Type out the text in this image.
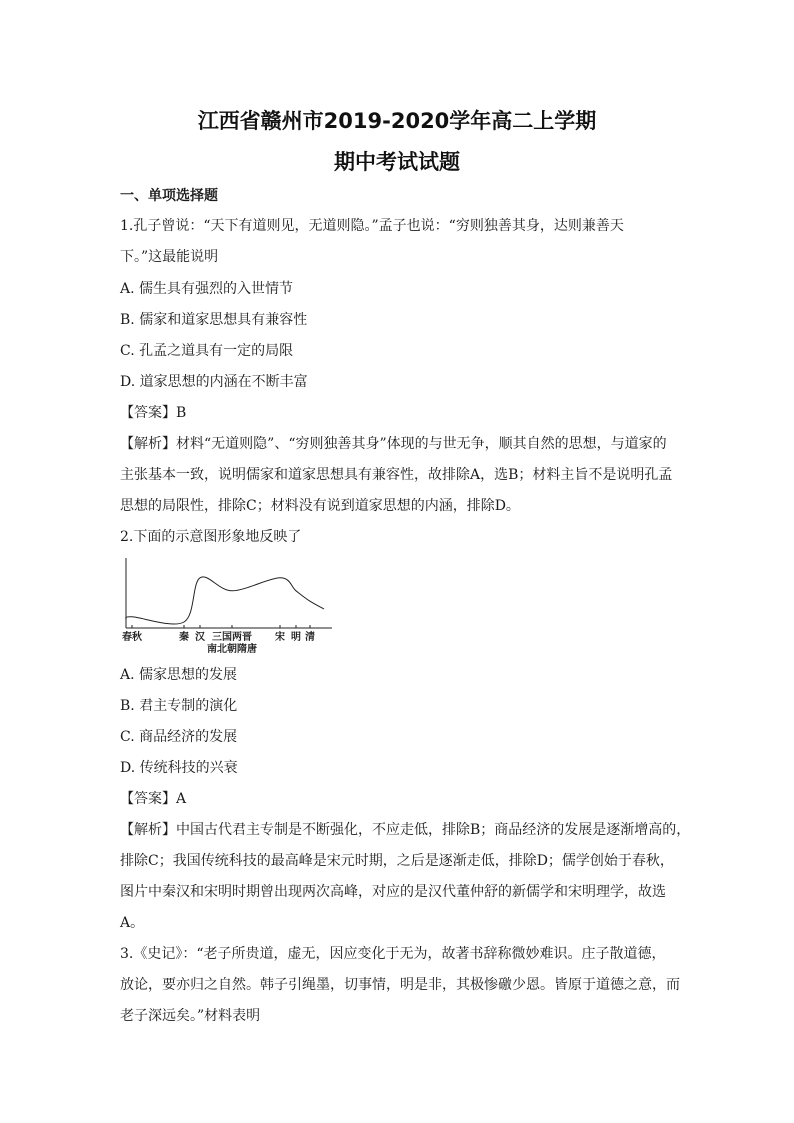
江西省赣州市2019-2020学年高二上学期
期中考试试题
一、单项选择题
1.孔子曾说：“天下有道则见，无道则隐。”孟子也说：“穷则独善其身，达则兼善天
下。”这最能说明
A. 儒生具有强烈的入世情节
B. 儒家和道家思想具有兼容性
C. 孔孟之道具有一定的局限
D. 道家思想的内涵在不断丰富
【答案】B
【解析】材料“无道则隐”、“穷则独善其身”体现的与世无争，顺其自然的思想，与道家的
主张基本一致，说明儒家和道家思想具有兼容性，故排除A，选B；材料主旨不是说明孔孟
思想的局限性，排除C；材料没有说到道家思想的内涵，排除D。
2.下面的示意图形象地反映了
春秋	秦 汉 三国两晋 宋 明 清
南北朝隋唐
A. 儒家思想的发展
B. 君主专制的演化
C. 商品经济的发展
D. 传统科技的兴衰
【答案】A
【解析】中国古代君主专制是不断强化，不应走低，排除B；商品经济的发展是逐渐增高的，
排除C；我国传统科技的最高峰是宋元时期，之后是逐渐走低，排除D；儒学创始于春秋，
图片中秦汉和宋明时期曾出现两次高峰，对应的是汉代董仲舒的新儒学和宋明理学，故选
A。
3.《史记》：“老子所贵道，虚无，因应变化于无为，故著书辞称微妙难识。庄子散道德，
放论，要亦归之自然。韩子引绳墨，切事情，明是非，其极惨礉少恩。皆原于道德之意，而
老子深远矣。”材料表明
